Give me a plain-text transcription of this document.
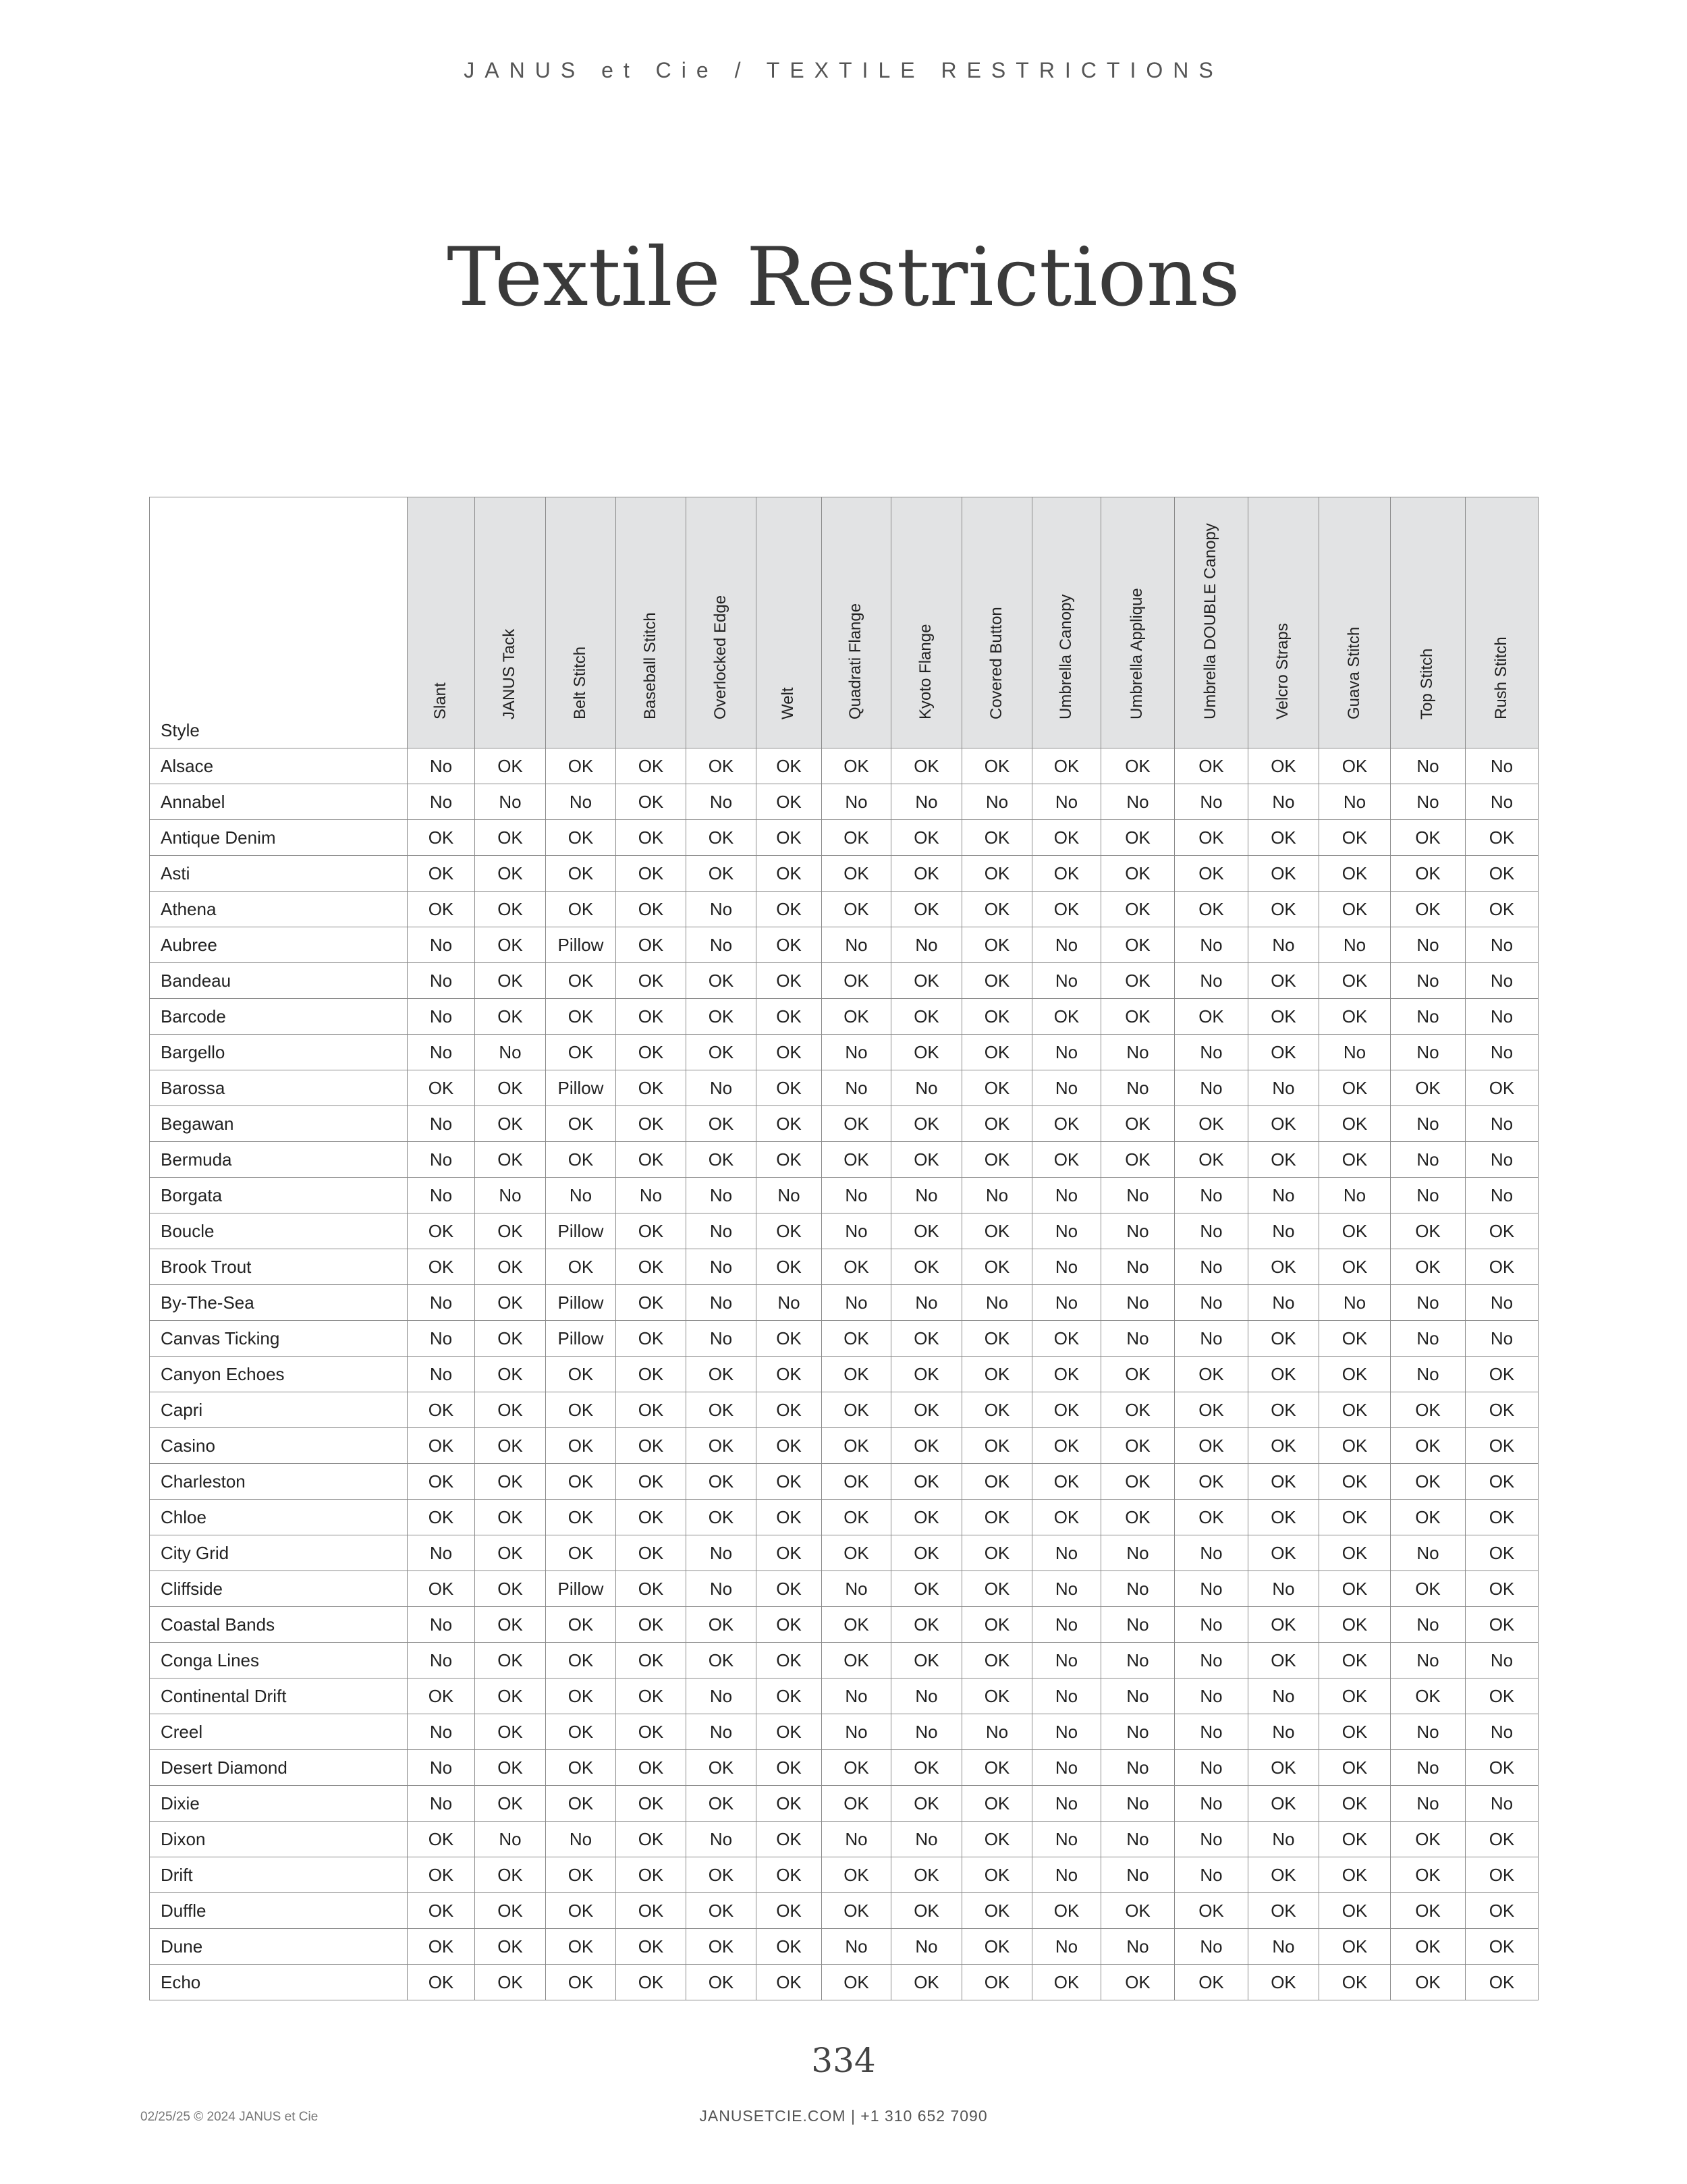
JANUS et Cie / TEXTILE RESTRICTIONS
Textile Restrictions
Style	Slant	JANUS Tack	Belt Stitch	Baseball Stitch	Overlocked Edge	Welt	Quadrati Flange	Kyoto Flange	Covered Button	Umbrella Canopy	Umbrella Applique	Umbrella DOUBLE Canopy	Velcro Straps	Guava Stitch	Top Stitch	Rush Stitch

Alsace	No	OK	OK	OK	OK	OK	OK	OK	OK	OK	OK	OK	OK	OK	No	No
Annabel	No	No	No	OK	No	OK	No	No	No	No	No	No	No	No	No	No
Antique Denim	OK	OK	OK	OK	OK	OK	OK	OK	OK	OK	OK	OK	OK	OK	OK	OK
Asti	OK	OK	OK	OK	OK	OK	OK	OK	OK	OK	OK	OK	OK	OK	OK	OK
Athena	OK	OK	OK	OK	No	OK	OK	OK	OK	OK	OK	OK	OK	OK	OK	OK
Aubree	No	OK	Pillow	OK	No	OK	No	No	OK	No	OK	No	No	No	No	No
Bandeau	No	OK	OK	OK	OK	OK	OK	OK	OK	No	OK	No	OK	OK	No	No
Barcode	No	OK	OK	OK	OK	OK	OK	OK	OK	OK	OK	OK	OK	OK	No	No
Bargello	No	No	OK	OK	OK	OK	No	OK	OK	No	No	No	OK	No	No	No
Barossa	OK	OK	Pillow	OK	No	OK	No	No	OK	No	No	No	No	OK	OK	OK
Begawan	No	OK	OK	OK	OK	OK	OK	OK	OK	OK	OK	OK	OK	OK	No	No
Bermuda	No	OK	OK	OK	OK	OK	OK	OK	OK	OK	OK	OK	OK	OK	No	No
Borgata	No	No	No	No	No	No	No	No	No	No	No	No	No	No	No	No
Boucle	OK	OK	Pillow	OK	No	OK	No	OK	OK	No	No	No	No	OK	OK	OK
Brook Trout	OK	OK	OK	OK	No	OK	OK	OK	OK	No	No	No	OK	OK	OK	OK
By-The-Sea	No	OK	Pillow	OK	No	No	No	No	No	No	No	No	No	No	No	No
Canvas Ticking	No	OK	Pillow	OK	No	OK	OK	OK	OK	OK	No	No	OK	OK	No	No
Canyon Echoes	No	OK	OK	OK	OK	OK	OK	OK	OK	OK	OK	OK	OK	OK	No	OK
Capri	OK	OK	OK	OK	OK	OK	OK	OK	OK	OK	OK	OK	OK	OK	OK	OK
Casino	OK	OK	OK	OK	OK	OK	OK	OK	OK	OK	OK	OK	OK	OK	OK	OK
Charleston	OK	OK	OK	OK	OK	OK	OK	OK	OK	OK	OK	OK	OK	OK	OK	OK
Chloe	OK	OK	OK	OK	OK	OK	OK	OK	OK	OK	OK	OK	OK	OK	OK	OK
City Grid	No	OK	OK	OK	No	OK	OK	OK	OK	No	No	No	OK	OK	No	OK
Cliffside	OK	OK	Pillow	OK	No	OK	No	OK	OK	No	No	No	No	OK	OK	OK
Coastal Bands	No	OK	OK	OK	OK	OK	OK	OK	OK	No	No	No	OK	OK	No	OK
Conga Lines	No	OK	OK	OK	OK	OK	OK	OK	OK	No	No	No	OK	OK	No	No
Continental Drift	OK	OK	OK	OK	No	OK	No	No	OK	No	No	No	No	OK	OK	OK
Creel	No	OK	OK	OK	No	OK	No	No	No	No	No	No	No	OK	No	No
Desert Diamond	No	OK	OK	OK	OK	OK	OK	OK	OK	No	No	No	OK	OK	No	OK
Dixie	No	OK	OK	OK	OK	OK	OK	OK	OK	No	No	No	OK	OK	No	No
Dixon	OK	No	No	OK	No	OK	No	No	OK	No	No	No	No	OK	OK	OK
Drift	OK	OK	OK	OK	OK	OK	OK	OK	OK	No	No	No	OK	OK	OK	OK
Duffle	OK	OK	OK	OK	OK	OK	OK	OK	OK	OK	OK	OK	OK	OK	OK	OK
Dune	OK	OK	OK	OK	OK	OK	No	No	OK	No	No	No	No	OK	OK	OK
Echo	OK	OK	OK	OK	OK	OK	OK	OK	OK	OK	OK	OK	OK	OK	OK	OK
334
02/25/25 © 2024 JANUS et Cie	JANUSETCIE.COM | +1 310 652 7090
